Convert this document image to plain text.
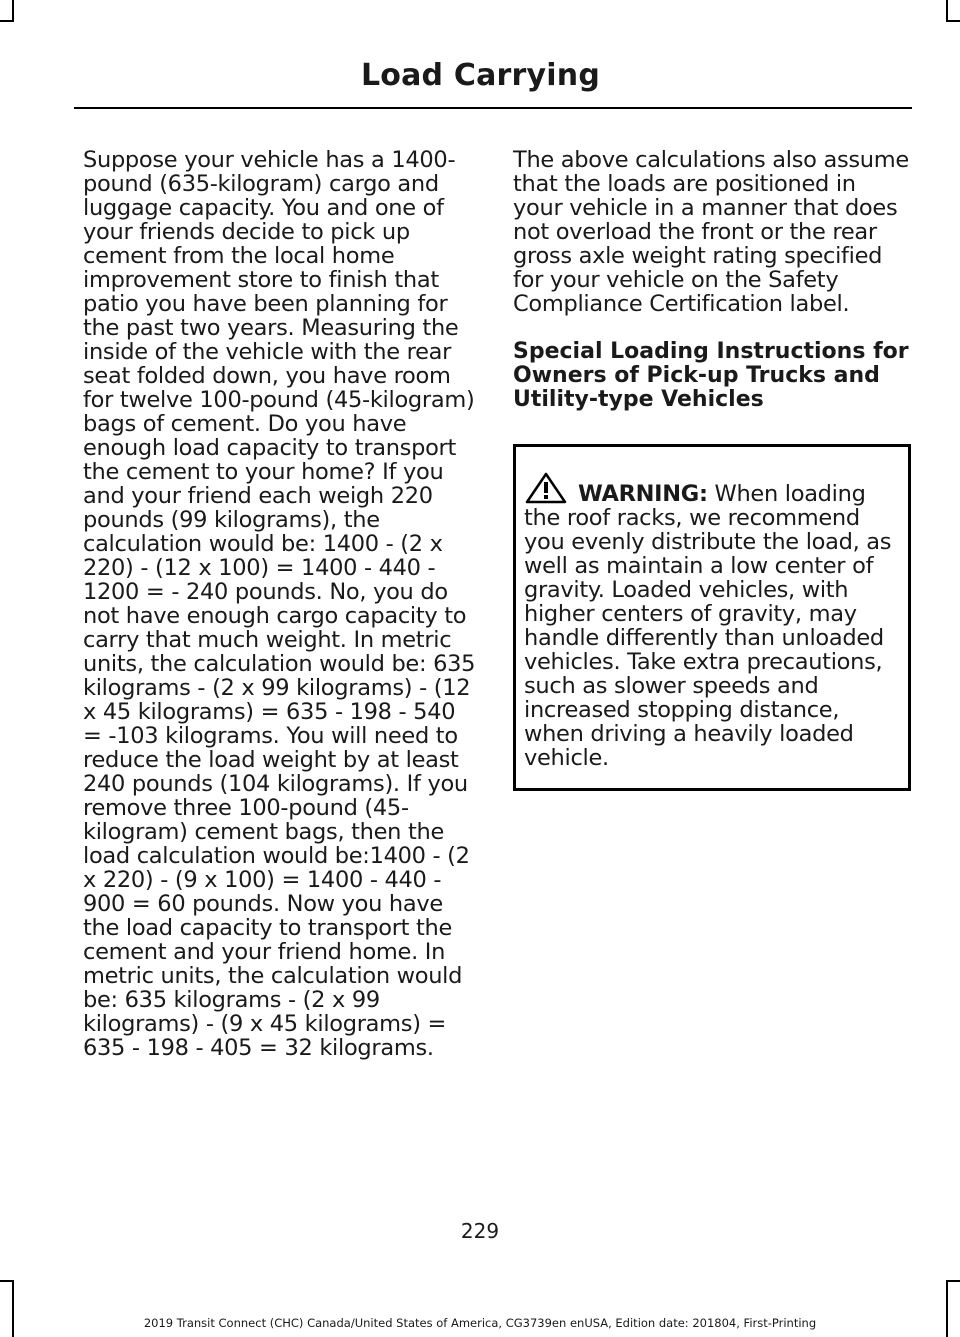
Load Carrying

Suppose your vehicle has a 1400-pound (635-kilogram) cargo and luggage capacity. You and one of your friends decide to pick up cement from the local home improvement store to finish that patio you have been planning for the past two years. Measuring the inside of the vehicle with the rear seat folded down, you have room for twelve 100-pound (45-kilogram) bags of cement. Do you have enough load capacity to transport the cement to your home? If you and your friend each weigh 220 pounds (99 kilograms), the calculation would be: 1400 - (2 x 220) - (12 x 100) = 1400 - 440 - 1200 = - 240 pounds. No, you do not have enough cargo capacity to carry that much weight. In metric units, the calculation would be: 635 kilograms - (2 x 99 kilograms) - (12 x 45 kilograms) = 635 - 198 - 540 = -103 kilograms. You will need to reduce the load weight by at least 240 pounds (104 kilograms). If you remove three 100-pound (45-kilogram) cement bags, then the load calculation would be:1400 - (2 x 220) - (9 x 100) = 1400 - 440 - 900 = 60 pounds. Now you have the load capacity to transport the cement and your friend home. In metric units, the calculation would be: 635 kilograms - (2 x 99 kilograms) - (9 x 45 kilograms) = 635 - 198 - 405 = 32 kilograms.

The above calculations also assume that the loads are positioned in your vehicle in a manner that does not overload the front or the rear gross axle weight rating specified for your vehicle on the Safety Compliance Certification label.

Special Loading Instructions for Owners of Pick-up Trucks and Utility-type Vehicles

WARNING: When loading the roof racks, we recommend you evenly distribute the load, as well as maintain a low center of gravity. Loaded vehicles, with higher centers of gravity, may handle differently than unloaded vehicles. Take extra precautions, such as slower speeds and increased stopping distance, when driving a heavily loaded vehicle.
229
2019 Transit Connect (CHC) Canada/United States of America, CG3739en enUSA, Edition date: 201804, First-Printing
